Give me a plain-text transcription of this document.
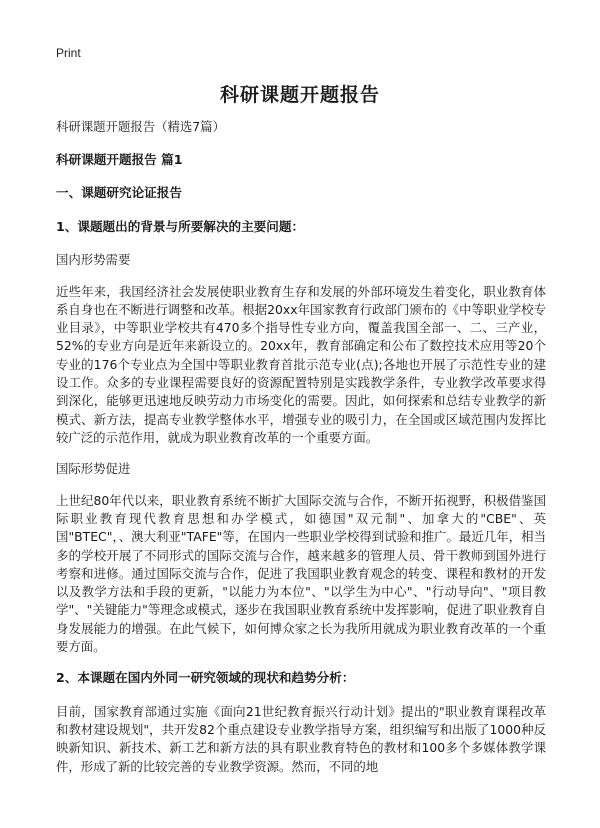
Print
科研课题开题报告

科研课题开题报告（精选7篇）

科研课题开题报告 篇1

一、课题研究论证报告

1、课题题出的背景与所要解决的主要问题：

国内形势需要

近些年来，我国经济社会发展使职业教育生存和发展的外部环境发生着变化，职业教育体系自身也在不断进行调整和改革。根据20xx年国家教育行政部门颁布的《中等职业学校专业目录》，中等职业学校共有470多个指导性专业方向，覆盖我国全部一、二、三产业，52%的专业方向是近年来新设立的。20xx年，教育部确定和公布了数控技术应用等20个专业的176个专业点为全国中等职业教育首批示范专业(点);各地也开展了示范性专业的建设工作。众多的专业课程需要良好的资源配置特别是实践教学条件，专业教学改革要求得到深化，能够更迅速地反映劳动力市场变化的需要。因此，如何探索和总结专业教学的新模式、新方法，提高专业教学整体水平，增强专业的吸引力，在全国或区域范围内发挥比较广泛的示范作用，就成为职业教育改革的一个重要方面。

国际形势促进

上世纪80年代以来，职业教育系统不断扩大国际交流与合作，不断开拓视野，积极借鉴国际职业教育现代教育思想和办学模式，如德国"双元制"、加拿大的"CBE"、英国"BTEC"，、澳大利亚"TAFE"等，在国内一些职业学校得到试验和推广。最近几年，相当多的学校开展了不同形式的国际交流与合作，越来越多的管理人员、骨干教师到国外进行考察和进修。通过国际交流与合作，促进了我国职业教育观念的转变、课程和教材的开发以及教学方法和手段的更新，"以能力为本位"、"以学生为中心"、"行动导向"、"项目教学"、"关键能力"等理念或模式，逐步在我国职业教育系统中发挥影响，促进了职业教育自身发展能力的增强。在此气候下，如何博众家之长为我所用就成为职业教育改革的一个重要方面。

2、本课题在国内外同一研究领域的现状和趋势分析：

目前，国家教育部通过实施《面向21世纪教育振兴行动计划》提出的"职业教育课程改革和教材建设规划"，共开发82个重点建设专业教学指导方案，组织编写和出版了1000种反映新知识、新技术、新工艺和新方法的具有职业教育特色的教材和100多个多媒体教学课件，形成了新的比较完善的专业教学资源。然而，不同的地
